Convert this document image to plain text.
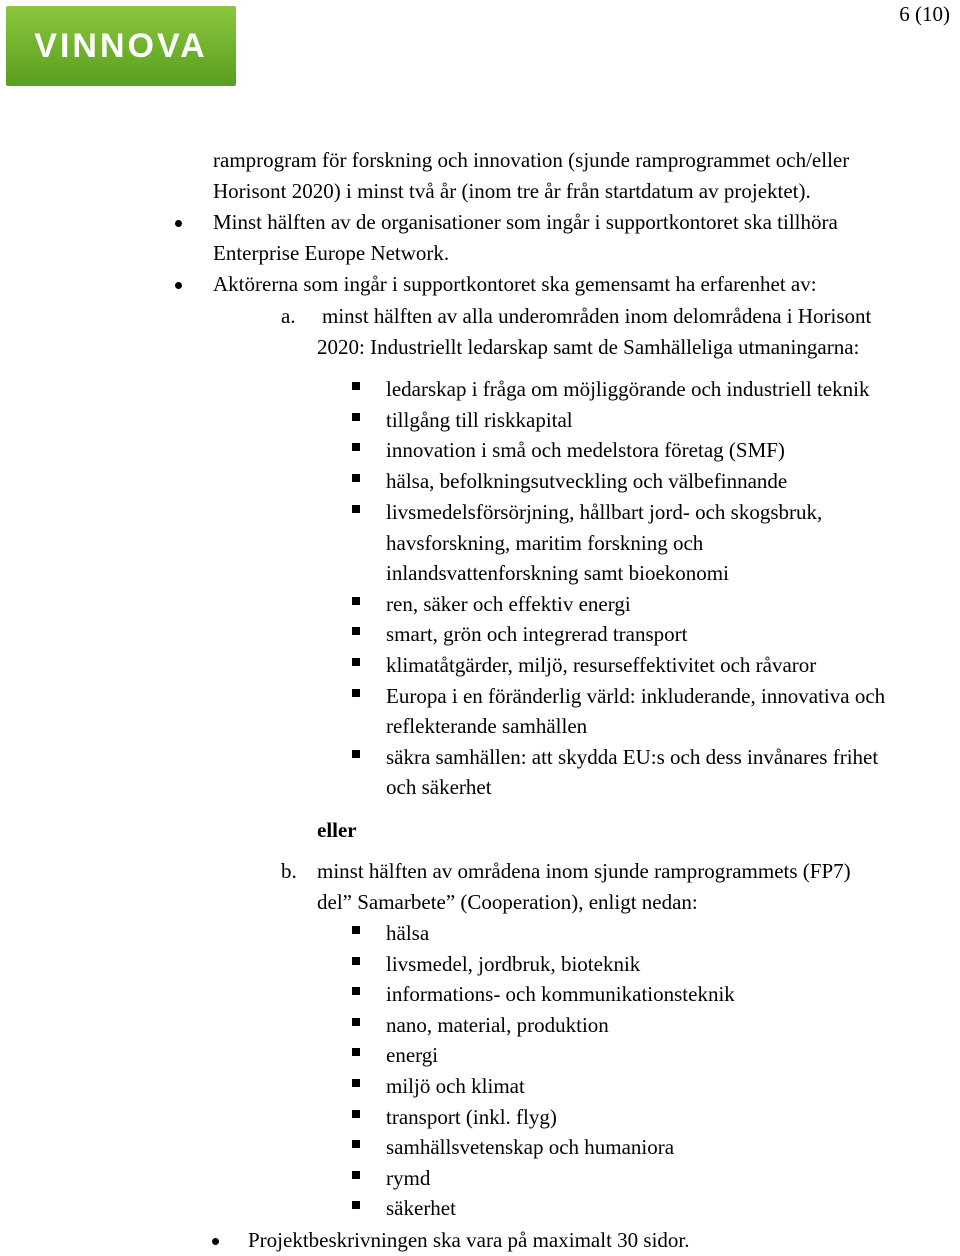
VINNOVA
6 (10)
ramprogram för forskning och innovation (sjunde ramprogrammet och/eller
Horisont 2020) i minst två år (inom tre år från startdatum av projektet).
Minst hälften av de organisationer som ingår i supportkontoret ska tillhöra
Enterprise Europe Network.
Aktörerna som ingår i supportkontoret ska gemensamt ha erfarenhet av:
a. minst hälften av alla underområden inom delområdena i Horisont
2020: Industriellt ledarskap samt de Samhälleliga utmaningarna:
ledarskap i fråga om möjliggörande och industriell teknik
tillgång till riskkapital
innovation i små och medelstora företag (SMF)
hälsa, befolkningsutveckling och välbefinnande
livsmedelsförsörjning, hållbart jord- och skogsbruk,
havsforskning, maritim forskning och
inlandsvattenforskning samt bioekonomi
ren, säker och effektiv energi
smart, grön och integrerad transport
klimatåtgärder, miljö, resurseffektivitet och råvaror
Europa i en föränderlig värld: inkluderande, innovativa och
reflekterande samhällen
säkra samhällen: att skydda EU:s och dess invånares frihet
och säkerhet
eller
b. minst hälften av områdena inom sjunde ramprogrammets (FP7)
del” Samarbete” (Cooperation), enligt nedan:
hälsa
livsmedel, jordbruk, bioteknik
informations- och kommunikationsteknik
nano, material, produktion
energi
miljö och klimat
transport (inkl. flyg)
samhällsvetenskap och humaniora
rymd
säkerhet
Projektbeskrivningen ska vara på maximalt 30 sidor.
